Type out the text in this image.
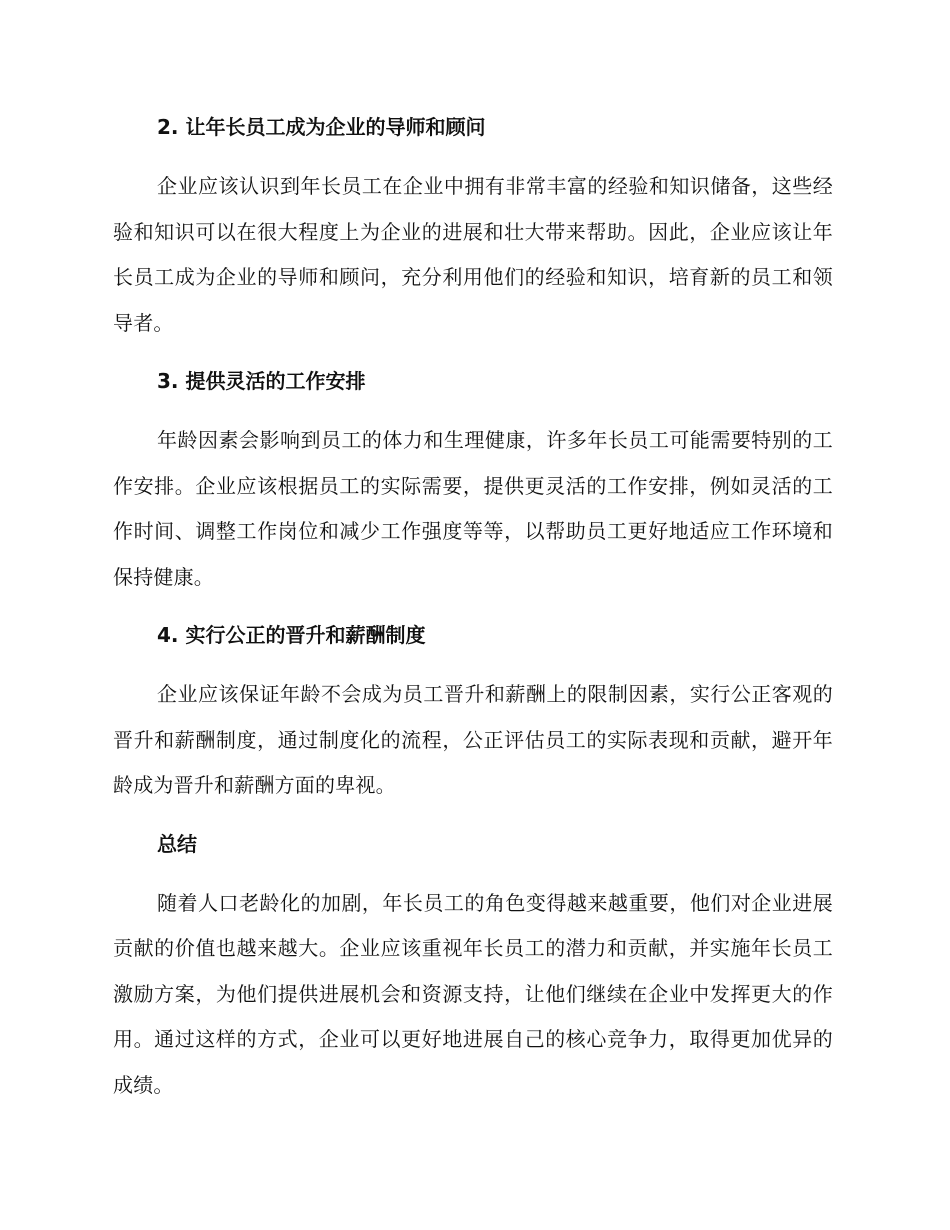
2. 让年长员工成为企业的导师和顾问

企业应该认识到年长员工在企业中拥有非常丰富的经验和知识储备，这些经验和知识可以在很大程度上为企业的进展和壮大带来帮助。因此，企业应该让年长员工成为企业的导师和顾问，充分利用他们的经验和知识，培育新的员工和领导者。

3. 提供灵活的工作安排

年龄因素会影响到员工的体力和生理健康，许多年长员工可能需要特别的工作安排。企业应该根据员工的实际需要，提供更灵活的工作安排，例如灵活的工作时间、调整工作岗位和减少工作强度等等，以帮助员工更好地适应工作环境和保持健康。

4. 实行公正的晋升和薪酬制度

企业应该保证年龄不会成为员工晋升和薪酬上的限制因素，实行公正客观的晋升和薪酬制度，通过制度化的流程，公正评估员工的实际表现和贡献，避开年龄成为晋升和薪酬方面的卑视。

总结

随着人口老龄化的加剧，年长员工的角色变得越来越重要，他们对企业进展贡献的价值也越来越大。企业应该重视年长员工的潜力和贡献，并实施年长员工激励方案，为他们提供进展机会和资源支持，让他们继续在企业中发挥更大的作用。通过这样的方式，企业可以更好地进展自己的核心竞争力，取得更加优异的成绩。
